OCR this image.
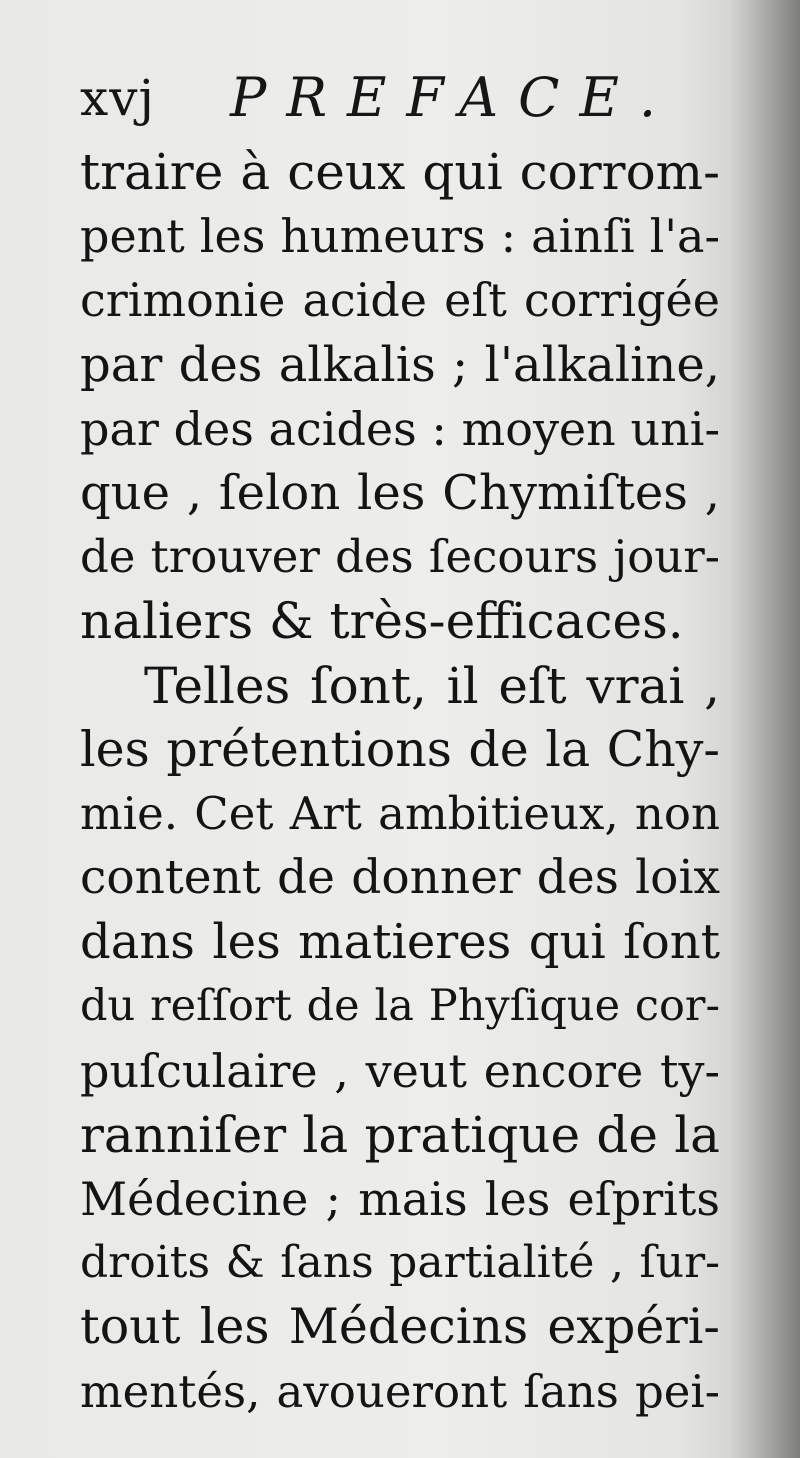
xvj PREFACE.
traire à ceux qui corrom-
pent les humeurs : ainſi l'a-
crimonie acide eſt corrigée
par des alkalis ; l'alkaline,
par des acides : moyen uni-
que , ſelon les Chymiſtes ,
de trouver des ſecours jour-
naliers & très-efficaces.
Telles ſont, il eſt vrai ,
les prétentions de la Chy-
mie. Cet Art ambitieux, non
content de donner des loix
dans les matieres qui ſont
du reſſort de la Phyſique cor-
puſculaire , veut encore ty-
ranniſer la pratique de la
Médecine ; mais les eſprits
droits & ſans partialité , ſur-
tout les Médecins expéri-
mentés, avoueront ſans pei-
